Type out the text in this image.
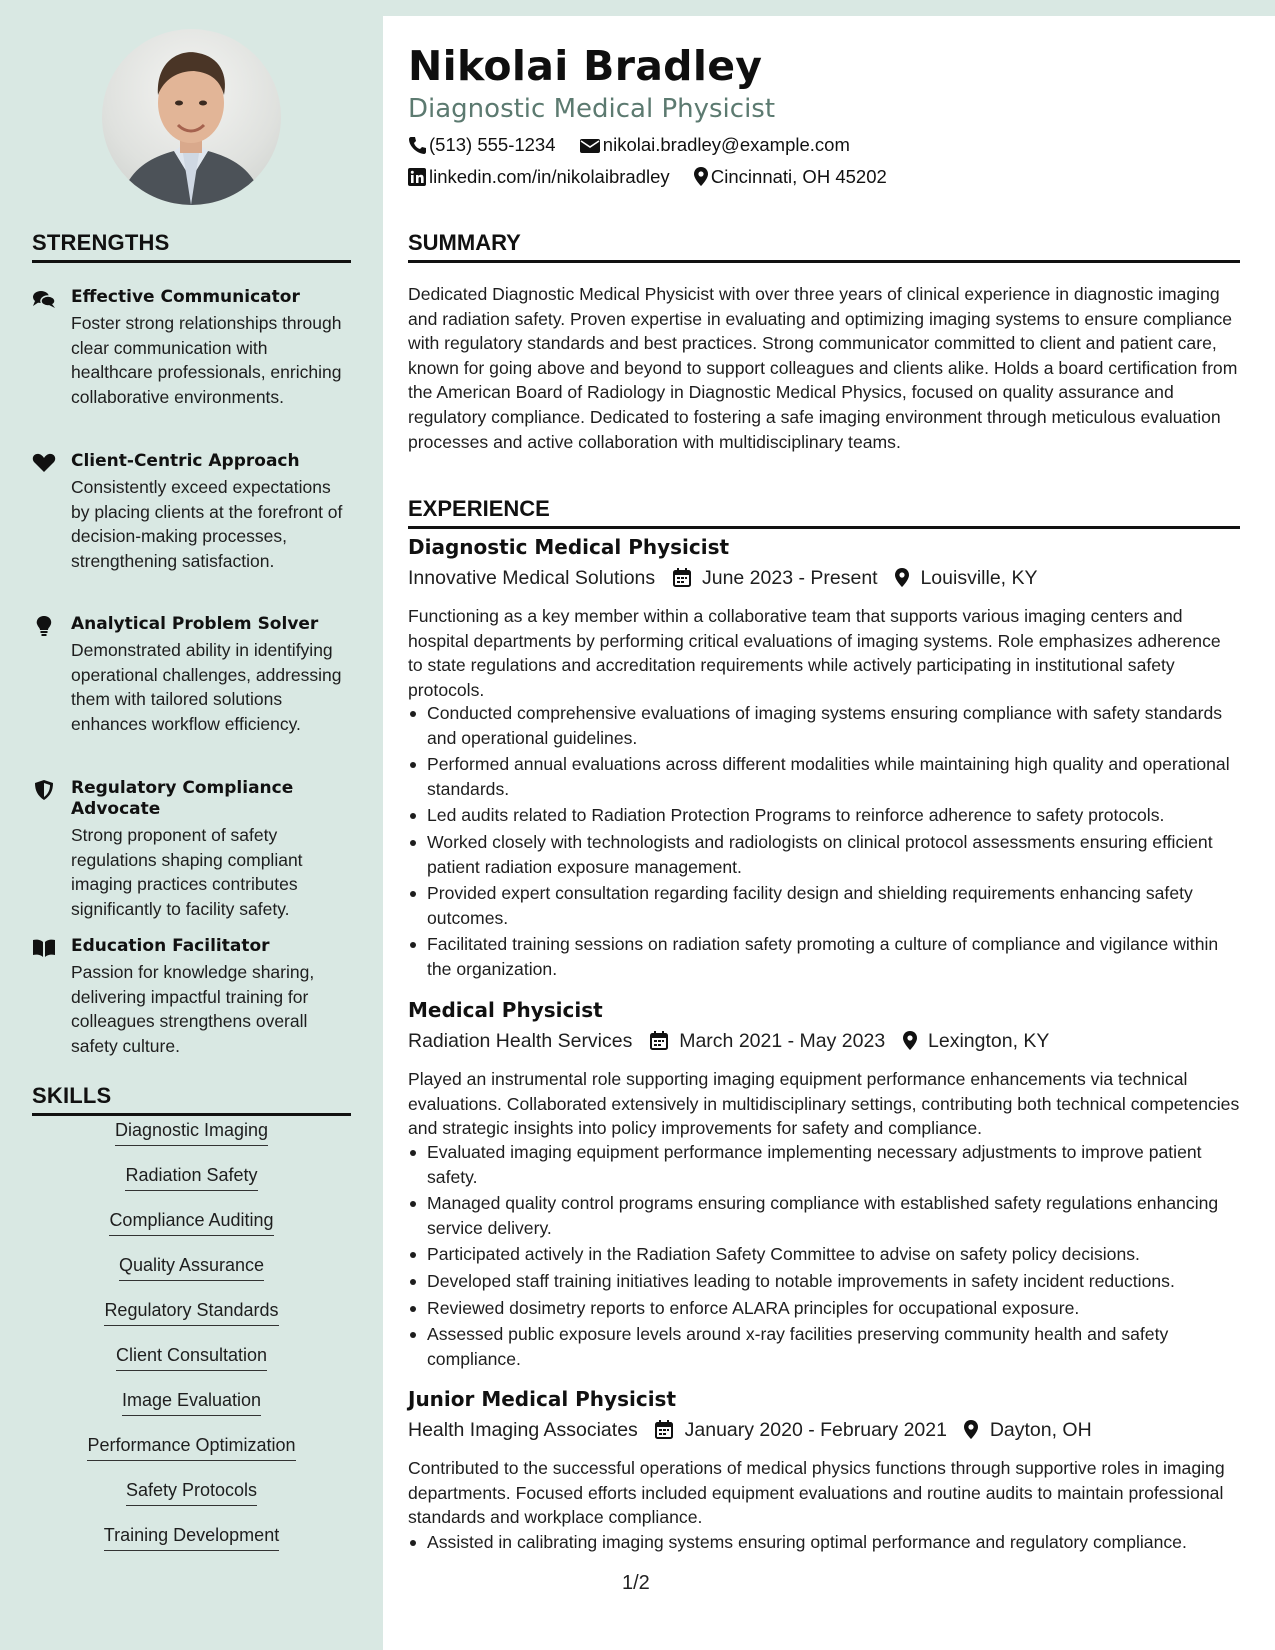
STRENGTHS
Effective Communicator
Foster strong relationships through clear communication with healthcare professionals, enriching collaborative environments.
Client-Centric Approach
Consistently exceed expectations by placing clients at the forefront of decision-making processes, strengthening satisfaction.
Analytical Problem Solver
Demonstrated ability in identifying operational challenges, addressing them with tailored solutions enhances workflow efficiency.
Regulatory Compliance Advocate
Strong proponent of safety regulations shaping compliant imaging practices contributes significantly to facility safety.
Education Facilitator
Passion for knowledge sharing, delivering impactful training for colleagues strengthens overall safety culture.
SKILLS
Diagnostic Imaging
Radiation Safety
Compliance Auditing
Quality Assurance
Regulatory Standards
Client Consultation
Image Evaluation
Performance Optimization
Safety Protocols
Training Development
Nikolai Bradley
Diagnostic Medical Physicist
(513) 555-1234	nikolai.bradley@example.com
linkedin.com/in/nikolaibradley Cincinnati, OH 45202
SUMMARY
Dedicated Diagnostic Medical Physicist with over three years of clinical experience in diagnostic imaging and radiation safety. Proven expertise in evaluating and optimizing imaging systems to ensure compliance with regulatory standards and best practices. Strong communicator committed to client and patient care, known for going above and beyond to support colleagues and clients alike. Holds a board certification from the American Board of Radiology in Diagnostic Medical Physics, focused on quality assurance and regulatory compliance. Dedicated to fostering a safe imaging environment through meticulous evaluation processes and active collaboration with multidisciplinary teams.
EXPERIENCE
Diagnostic Medical Physicist
Innovative Medical Solutions June 2023 - Present Louisville, KY
Functioning as a key member within a collaborative team that supports various imaging centers and hospital departments by performing critical evaluations of imaging systems. Role emphasizes adherence to state regulations and accreditation requirements while actively participating in institutional safety protocols.
Conducted comprehensive evaluations of imaging systems ensuring compliance with safety standards and operational guidelines.
Performed annual evaluations across different modalities while maintaining high quality and operational standards.
Led audits related to Radiation Protection Programs to reinforce adherence to safety protocols.
Worked closely with technologists and radiologists on clinical protocol assessments ensuring efficient patient radiation exposure management.
Provided expert consultation regarding facility design and shielding requirements enhancing safety outcomes.
Facilitated training sessions on radiation safety promoting a culture of compliance and vigilance within the organization.
Medical Physicist
Radiation Health Services March 2021 - May 2023 Lexington, KY
Played an instrumental role supporting imaging equipment performance enhancements via technical evaluations. Collaborated extensively in multidisciplinary settings, contributing both technical competencies and strategic insights into policy improvements for safety and compliance.
Evaluated imaging equipment performance implementing necessary adjustments to improve patient safety.
Managed quality control programs ensuring compliance with established safety regulations enhancing service delivery.
Participated actively in the Radiation Safety Committee to advise on safety policy decisions.
Developed staff training initiatives leading to notable improvements in safety incident reductions.
Reviewed dosimetry reports to enforce ALARA principles for occupational exposure.
Assessed public exposure levels around x-ray facilities preserving community health and safety compliance.
Junior Medical Physicist
Health Imaging Associates January 2020 - February 2021 Dayton, OH
Contributed to the successful operations of medical physics functions through supportive roles in imaging departments. Focused efforts included equipment evaluations and routine audits to maintain professional standards and workplace compliance.
Assisted in calibrating imaging systems ensuring optimal performance and regulatory compliance.
1/2
